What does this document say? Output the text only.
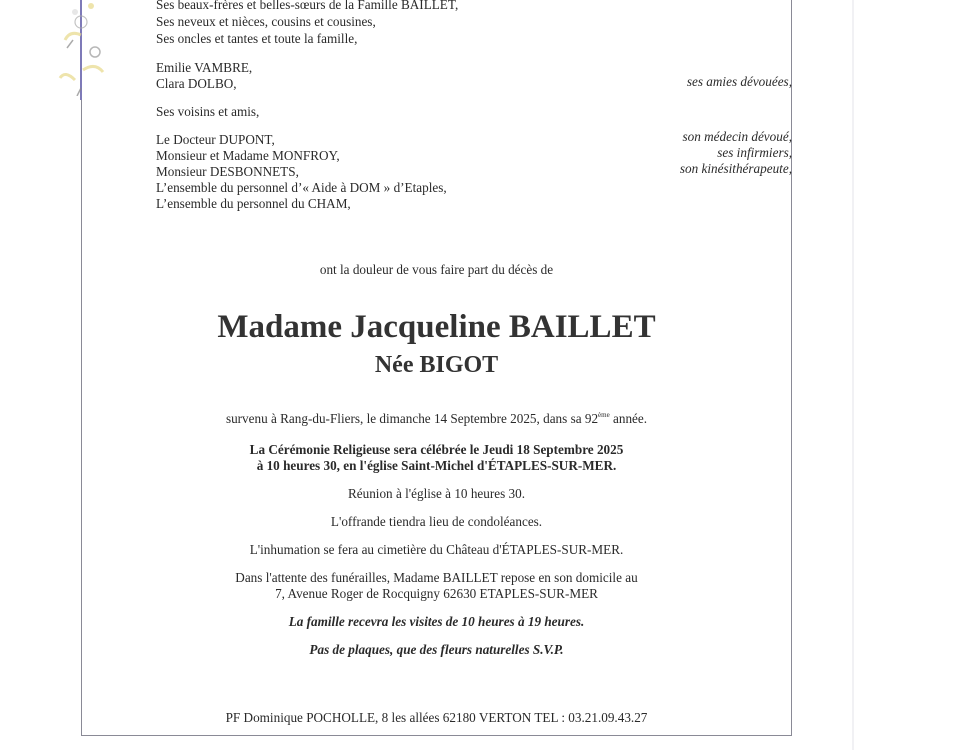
Ses beaux-frères et belles-sœurs de la Famille BAILLET,
Ses neveux et nièces, cousins et cousines,
Ses oncles et tantes et toute la famille,
Emilie VAMBRE,
Clara DOLBO,	ses amies dévouées,
Ses voisins et amis,
Le Docteur DUPONT,
Monsieur et Madame MONFROY,
Monsieur DESBONNETS,
L’ensemble du personnel d’« Aide à DOM » d’Etaples,
L’ensemble du personnel du CHAM,
son médecin dévoué,
ses infirmiers,
son kinésithérapeute,
ont la douleur de vous faire part du décès de
Madame Jacqueline BAILLET
Née BIGOT
survenu à Rang-du-Fliers, le dimanche 14 Septembre 2025, dans sa 92ème année.
La Cérémonie Religieuse sera célébrée le Jeudi 18 Septembre 2025
à 10 heures 30, en l'église Saint-Michel d'ÉTAPLES-SUR-MER.
Réunion à l'église à 10 heures 30.
L'offrande tiendra lieu de condoléances.
L'inhumation se fera au cimetière du Château d'ÉTAPLES-SUR-MER.
Dans l'attente des funérailles, Madame BAILLET repose en son domicile au
7, Avenue Roger de Rocquigny 62630 ETAPLES-SUR-MER
La famille recevra les visites de 10 heures à 19 heures.
Pas de plaques, que des fleurs naturelles S.V.P.
PF Dominique POCHOLLE, 8 les allées 62180 VERTON TEL : 03.21.09.43.27
